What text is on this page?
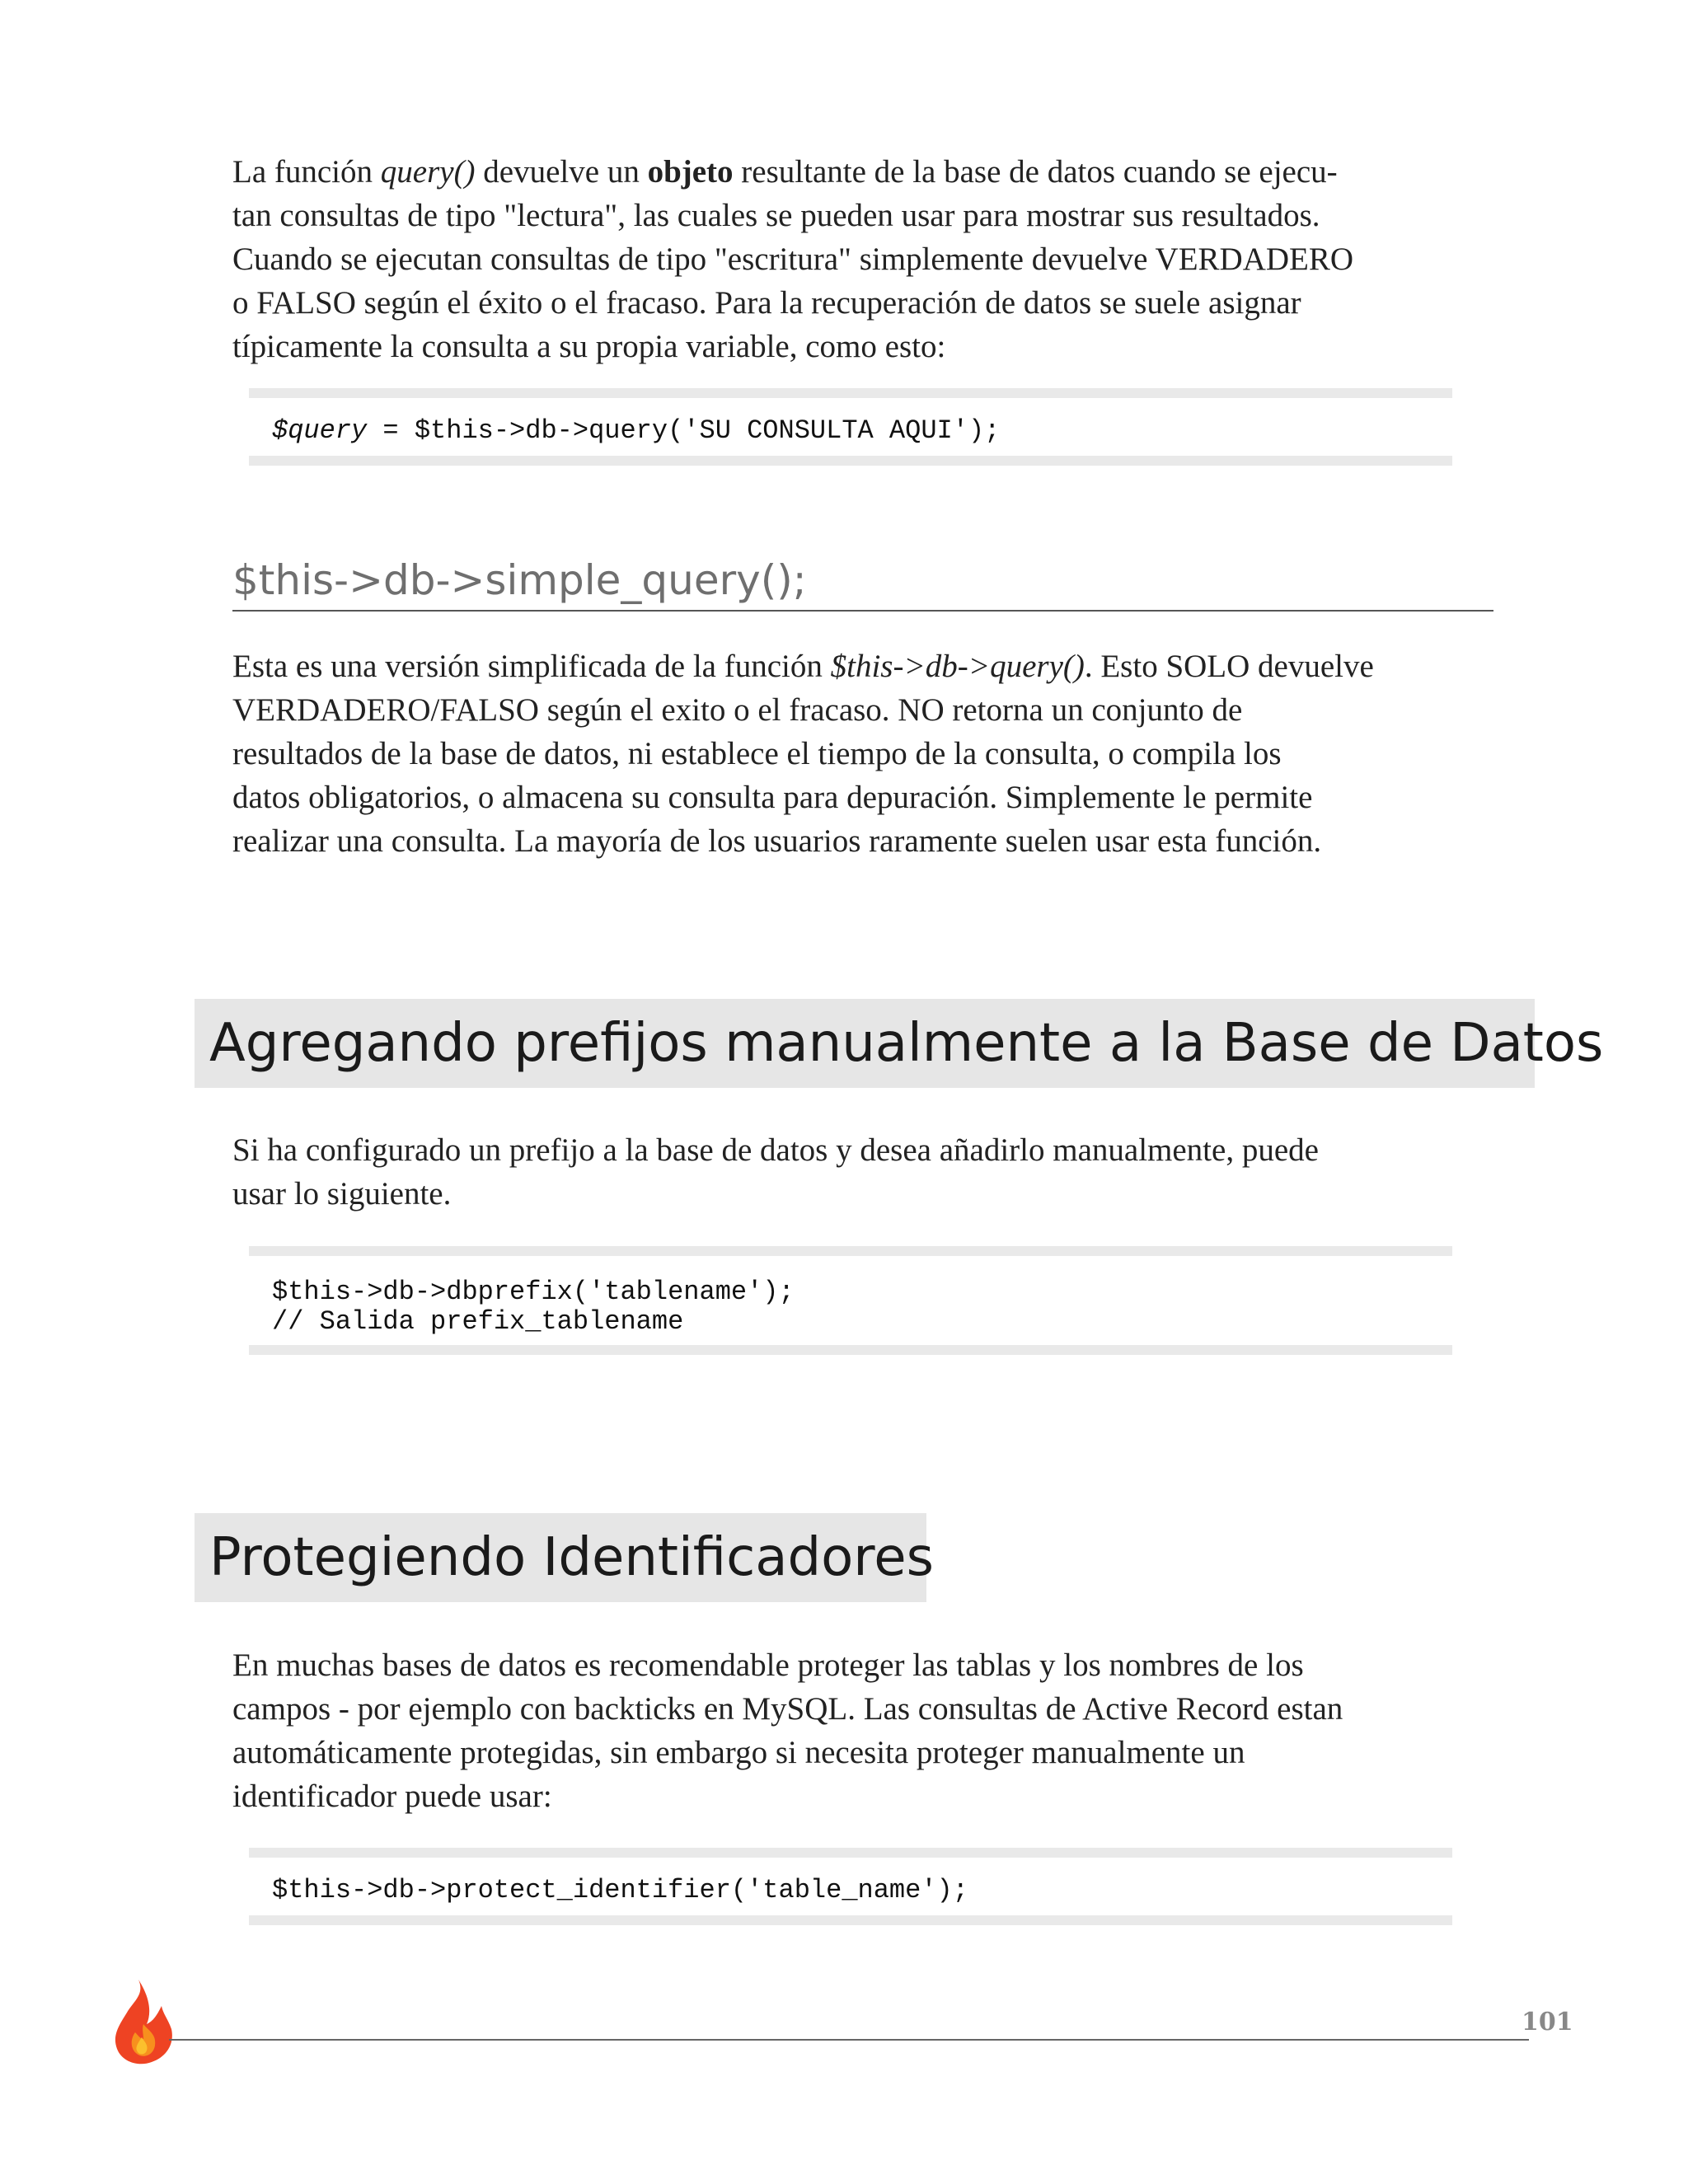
La función query() devuelve un objeto resultante de la base de datos cuando se ejecu-
tan consultas de tipo "lectura", las cuales se pueden usar para mostrar sus resultados.
Cuando se ejecutan consultas de tipo "escritura" simplemente devuelve VERDADERO
o FALSO según el éxito o el fracaso. Para la recuperación de datos se suele asignar
típicamente la consulta a su propia variable, como esto:
$query = $this->db->query('SU CONSULTA AQUI');
$this->db->simple_query();
Esta es una versión simplificada de la función $this->db->query(). Esto SOLO devuelve
VERDADERO/FALSO según el exito o el fracaso. NO retorna un conjunto de
resultados de la base de datos, ni establece el tiempo de la consulta, o compila los
datos obligatorios, o almacena su consulta para depuración. Simplemente le permite
realizar una consulta. La mayoría de los usuarios raramente suelen usar esta función.
Agregando prefijos manualmente a la Base de Datos
Si ha configurado un prefijo a la base de datos y desea añadirlo manualmente, puede
usar lo siguiente.
$this->db->dbprefix('tablename');
// Salida prefix_tablename
Protegiendo Identificadores
En muchas bases de datos es recomendable proteger las tablas y los nombres de los
campos - por ejemplo con backticks en MySQL. Las consultas de Active Record estan
automáticamente protegidas, sin embargo si necesita proteger manualmente un
identificador puede usar:
$this->db->protect_identifier('table_name');
101
